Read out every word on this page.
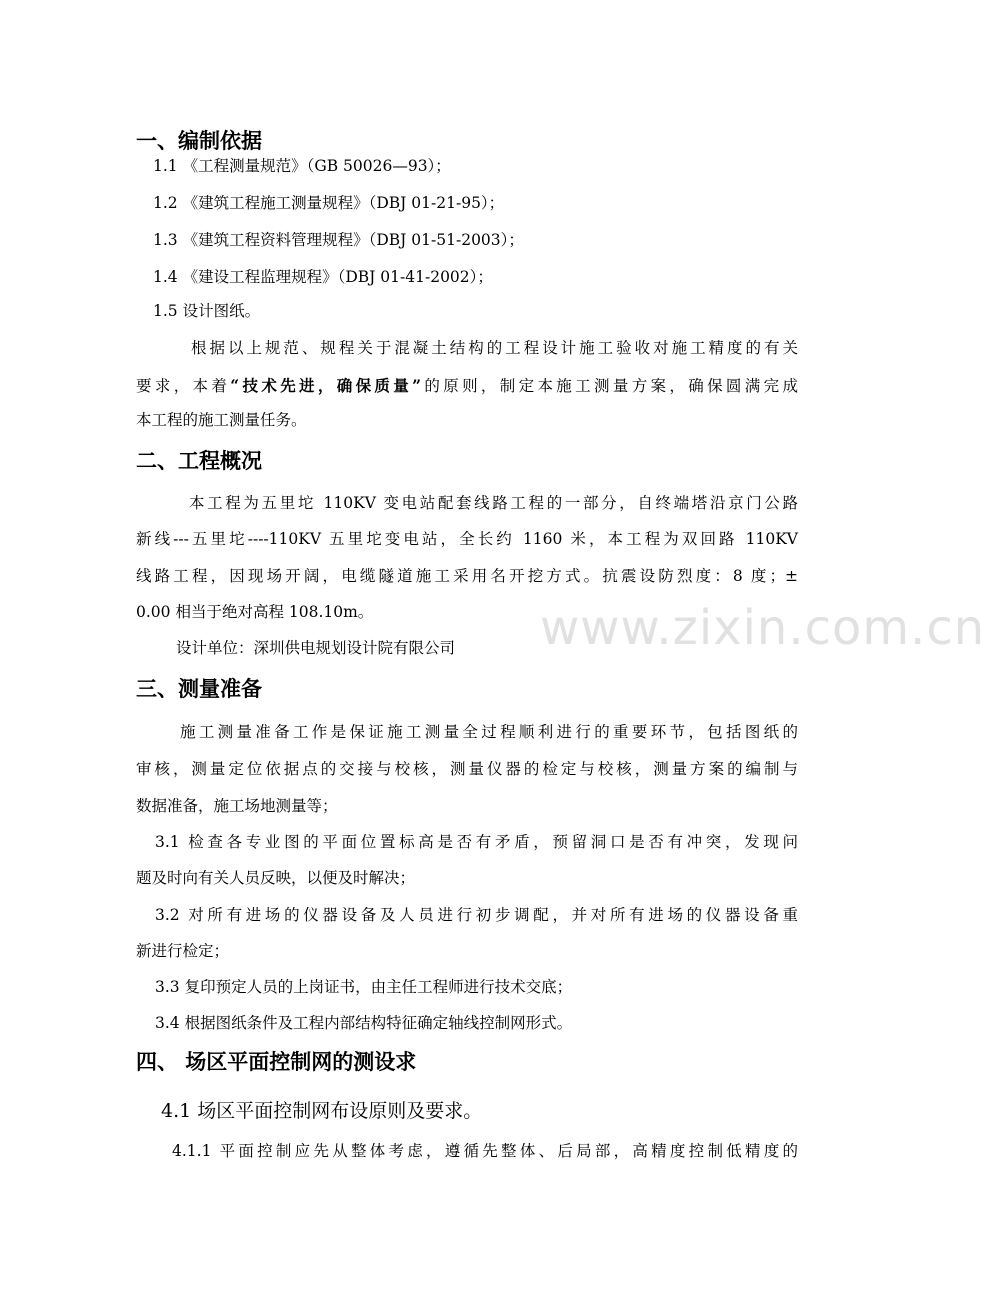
一、编制依据
1.1 《工程测量规范》（GB 50026—93）；
1.2 《建筑工程施工测量规程》（DBJ 01-21-95）；
1.3 《建筑工程资料管理规程》（DBJ 01-51-2003）；
1.4 《建设工程监理规程》（DBJ 01-41-2002）；
1.5 设计图纸。
根据以上规范、规程关于混凝土结构的工程设计施工验收对施工精度的有关
要求，本着“技术先进，确保质量”的原则，制定本施工测量方案，确保圆满完成
本工程的施工测量任务。
二、工程概况
本工程为五里坨 110KV 变电站配套线路工程的一部分，自终端塔沿京门公路
新线---五里坨----110KV 五里坨变电站，全长约 1160 米，本工程为双回路 110KV
线路工程，因现场开阔，电缆隧道施工采用名开挖方式。抗震设防烈度：8 度；±
0.00 相当于绝对高程 108.10m。
设计单位：深圳供电规划设计院有限公司
三、测量准备
施工测量准备工作是保证施工测量全过程顺利进行的重要环节，包括图纸的
审核，测量定位依据点的交接与校核，测量仪器的检定与校核，测量方案的编制与
数据准备，施工场地测量等；
3.1 检查各专业图的平面位置标高是否有矛盾，预留洞口是否有冲突，发现问
题及时向有关人员反映，以便及时解决；
3.2 对所有进场的仪器设备及人员进行初步调配，并对所有进场的仪器设备重
新进行检定；
3.3 复印预定人员的上岗证书，由主任工程师进行技术交底；
3.4 根据图纸条件及工程内部结构特征确定轴线控制网形式。
四、 场区平面控制网的测设求
4.1 场区平面控制网布设原则及要求。
4.1.1 平面控制应先从整体考虑，遵循先整体、后局部，高精度控制低精度的
www.zixin.com.cn
